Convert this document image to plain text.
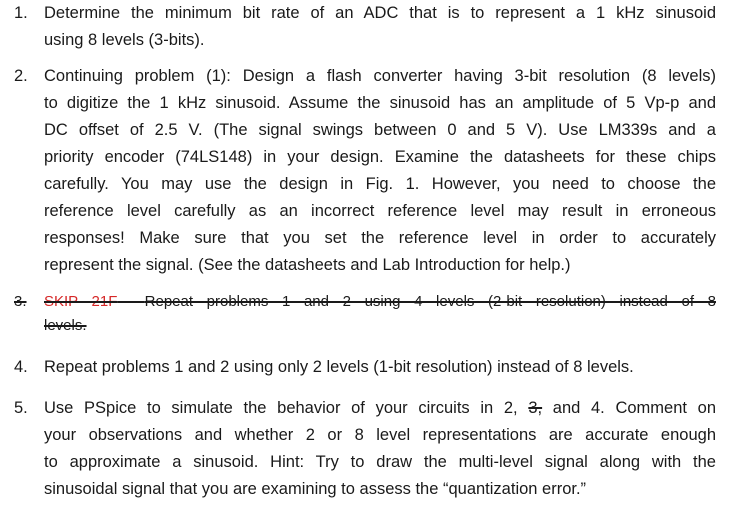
1. Determine the minimum bit rate of an ADC that is to represent a 1 kHz sinusoid
using 8 levels (3-bits).
2. Continuing problem (1): Design a flash converter having 3-bit resolution (8 levels)
to digitize the 1 kHz sinusoid. Assume the sinusoid has an amplitude of 5 Vp-p and
DC offset of 2.5 V. (The signal swings between 0 and 5 V). Use LM339s and a
priority encoder (74LS148) in your design. Examine the datasheets for these chips
carefully. You may use the design in Fig. 1. However, you need to choose the
reference level carefully as an incorrect reference level may result in erroneous
responses! Make sure that you set the reference level in order to accurately
represent the signal. (See the datasheets and Lab Introduction for help.)
3.	SKIP 21F Repeat problems 1 and 2 using 4 levels (2-bit resolution) instead of 8
levels.
4. Repeat problems 1 and 2 using only 2 levels (1-bit resolution) instead of 8 levels.
5. Use PSpice to simulate the behavior of your circuits in 2, 3, and 4. Comment on
your observations and whether 2 or 8 level representations are accurate enough
to approximate a sinusoid. Hint: Try to draw the multi-level signal along with the
sinusoidal signal that you are examining to assess the “quantization error.”
